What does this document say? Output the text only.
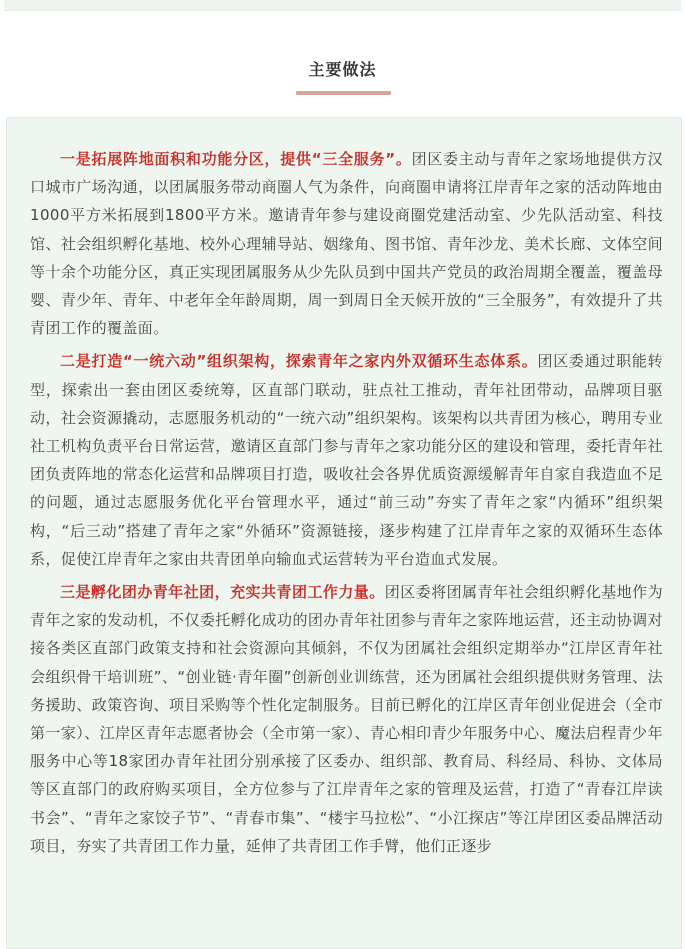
主要做法

一是拓展阵地面积和功能分区，提供“三全服务”。团区委主动与青年之家场地提供方汉口城市广场沟通，以团属服务带动商圈人气为条件，向商圈申请将江岸青年之家的活动阵地由1000平方米拓展到1800平方米。邀请青年参与建设商圈党建活动室、少先队活动室、科技馆、社会组织孵化基地、校外心理辅导站、姻缘角、图书馆、青年沙龙、美术长廊、文体空间等十余个功能分区，真正实现团属服务从少先队员到中国共产党员的政治周期全覆盖，覆盖母婴、青少年、青年、中老年全年龄周期，周一到周日全天候开放的“三全服务”，有效提升了共青团工作的覆盖面。

二是打造“一统六动”组织架构，探索青年之家内外双循环生态体系。团区委通过职能转型，探索出一套由团区委统筹，区直部门联动，驻点社工推动，青年社团带动，品牌项目驱动，社会资源撬动，志愿服务机动的“一统六动”组织架构。该架构以共青团为核心，聘用专业社工机构负责平台日常运营，邀请区直部门参与青年之家功能分区的建设和管理，委托青年社团负责阵地的常态化运营和品牌项目打造，吸收社会各界优质资源缓解青年自家自我造血不足的问题，通过志愿服务优化平台管理水平，通过“前三动”夯实了青年之家“内循环”组织架构，“后三动”搭建了青年之家“外循环”资源链接，逐步构建了江岸青年之家的双循环生态体系，促使江岸青年之家由共青团单向输血式运营转为平台造血式发展。

三是孵化团办青年社团，充实共青团工作力量。团区委将团属青年社会组织孵化基地作为青年之家的发动机，不仅委托孵化成功的团办青年社团参与青年之家阵地运营，还主动协调对接各类区直部门政策支持和社会资源向其倾斜，不仅为团属社会组织定期举办“江岸区青年社会组织骨干培训班”、“创业链·青年圈”创新创业训练营，还为团属社会组织提供财务管理、法务援助、政策咨询、项目采购等个性化定制服务。目前已孵化的江岸区青年创业促进会（全市第一家）、江岸区青年志愿者协会（全市第一家）、青心相印青少年服务中心、魔法启程青少年服务中心等18家团办青年社团分别承接了区委办、组织部、教育局、科经局、科协、文体局等区直部门的政府购买项目，全方位参与了江岸青年之家的管理及运营，打造了“青春江岸读书会”、“青年之家饺子节”、“青春市集”、“楼宇马拉松”、“小江探店”等江岸团区委品牌活动项目，夯实了共青团工作力量，延伸了共青团工作手臂，他们正逐步
